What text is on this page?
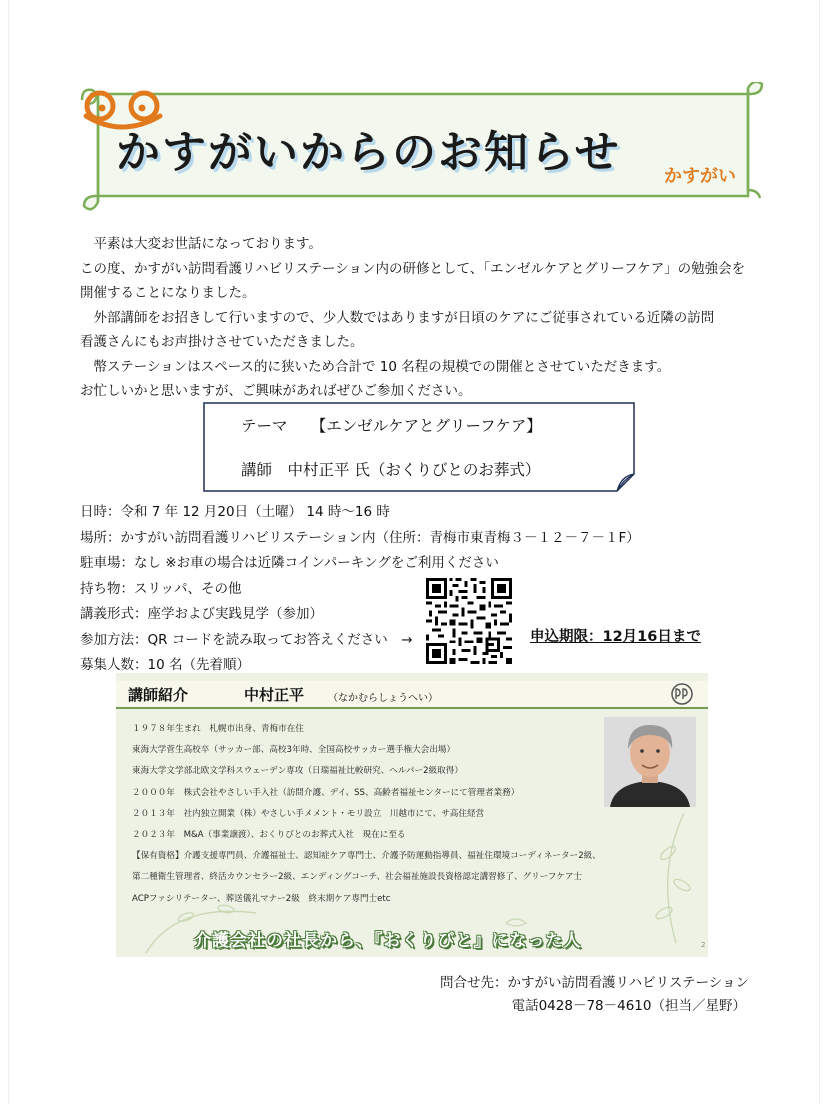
かすがいからのお知らせ かすがい

　平素は大変お世話になっております。

この度、かすがい訪問看護リハビリステーション内の研修として、「エンゼルケアとグリーフケア」の勉強会を

開催することになりました。

　外部講師をお招きして行いますので、少人数ではありますが日頃のケアにご従事されている近隣の訪問

看護さんにもお声掛けさせていただきました。

　幣ステーションはスペース的に狭いため合計で 10 名程の規模での開催とさせていただきます。

お忙しいかと思いますが、ご興味があればぜひご参加ください。

テーマ　　【エンゼルケアとグリーフケア】
講師　中村正平 氏（おくりびとのお葬式）

日時：令和 7 年 12 月20日（土曜） 14 時～16 時

場所：かすがい訪問看護リハビリステーション内（住所：青梅市東青梅３－１２－７－１F）

駐車場：なし ※お車の場合は近隣コインパーキングをご利用ください

持ち物：スリッパ、その他

講義形式：座学および実践見学（参加）

参加方法：QR コードを読み取ってお答えください　→

募集人数：10 名（先着順）

申込期限：12月16日まで
講師紹介	中村正平 （なかむらしょうへい）

１９７８年生まれ　札幌市出身、青梅市在住

東海大学菅生高校卒（サッカー部、高校3年時、全国高校サッカー選手権大会出場）

東海大学文学部北欧文学科スウェーデン専攻（日瑞福祉比較研究、ヘルパー2級取得）

２０００年　株式会社やさしい手入社（訪問介護、デイ、SS、高齢者福祉センターにて管理者業務）

２０１３年　社内独立開業（株）やさしい手メメント・モリ設立　川越市にて、サ高住経営

２０２３年　M&A（事業譲渡）、おくりびとのお葬式入社　現在に至る

【保有資格】介護支援専門員、介護福祉士、認知症ケア専門士、介護予防運動指導員、福祉住環境コーディネーター2級、

第二種衛生管理者、終活カウンセラー2級、エンディングコーチ、社会福祉施設長資格認定講習修了、グリーフケア士

ACPファシリテーター、葬送儀礼マナー2級　終末期ケア専門士etc

介護会社の社長から、『おくりびと』になった人	2

問合せ先：かすがい訪問看護リハビリステーション

電話0428－78－4610（担当／星野）
